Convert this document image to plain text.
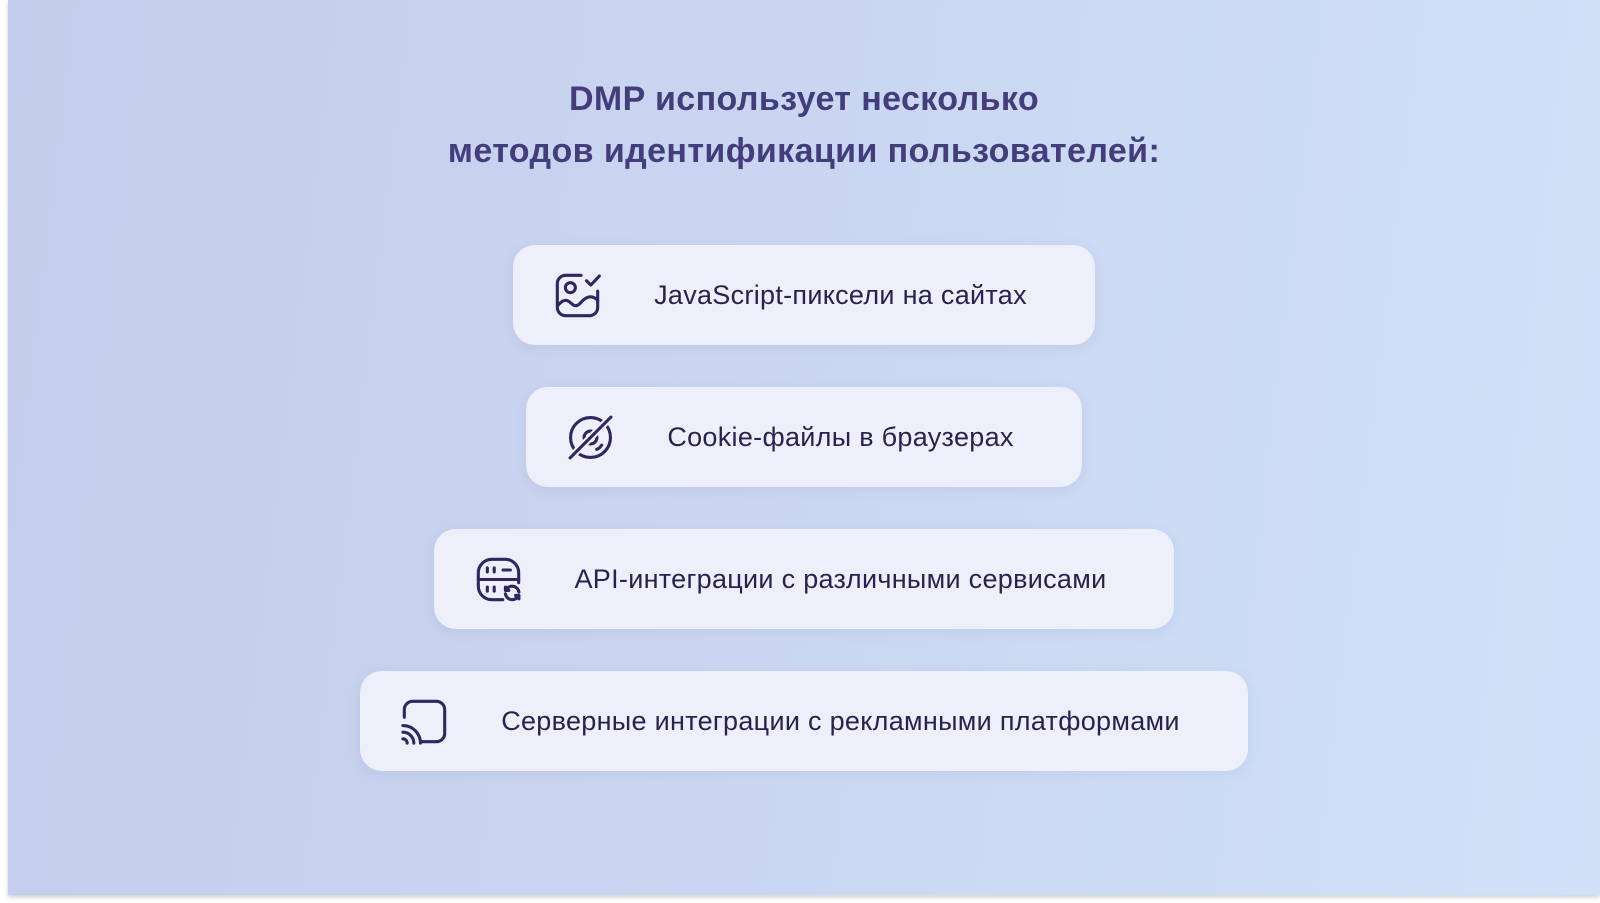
DMP использует несколько
методов идентификации пользователей:
JavaScript-пиксели на сайтах
Cookie-файлы в браузерах
API-интеграции с различными сервисами
Серверные интеграции с рекламными платформами
